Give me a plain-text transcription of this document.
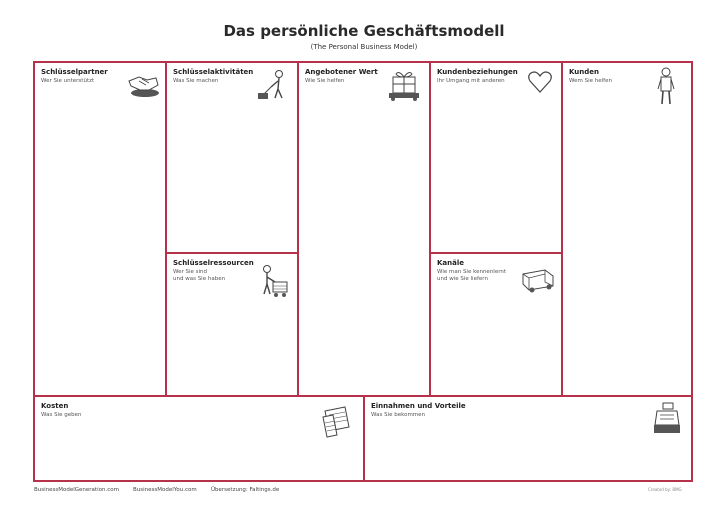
Das persönliche Geschäftsmodell
(The Personal Business Model)
Schlüsselpartner
Wer Sie unterstützt
Schlüsselaktivitäten
Was Sie machen
Schlüsselressourcen
Wer Sie sind
und was Sie haben
Angebotener Wert
Wie Sie helfen
Kundenbeziehungen
Ihr Umgang mit anderen
Kanäle
Wie man Sie kennenlernt
und wie Sie liefern
Kunden
Wem Sie helfen
Kosten
Was Sie geben
Einnahmen und Vorteile
Was Sie bekommen
BusinessModelGeneration.com	BusinessModelYou.com	Übersetzung: Faltings.de	Created by: BMG
